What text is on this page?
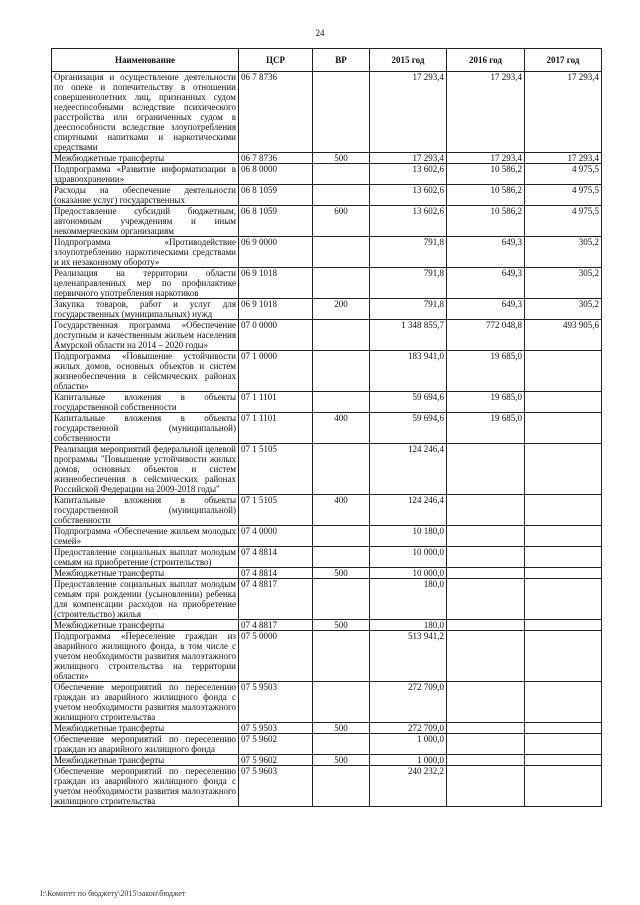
24
Наименование	ЦСР	ВР	2015 год	2016 год	2017 год
Организация и осуществление деятельности по опеке и попечительству в отношении совершеннолетних лиц, признанных судом недееспособными вследствие психического расстройства или ограниченных судом в дееспособности вследствие злоупотребления спиртными напитками и наркотическими средствами	06 7 8736		17 293,4	17 293,4	17 293,4
Межбюджетные трансферты	06 7 8736	500	17 293,4	17 293,4	17 293,4
Подпрограмма «Развитие информатизации в здравоохранении»	06 8 0000		13 602,6	10 586,2	4 975,5
Расходы на обеспечение деятельности (оказание услуг) государственных	06 8 1059		13 602,6	10 586,2	4 975,5
Предоставление субсидий бюджетным, автономным учреждениям и иным некоммерческим организациям	06 8 1059	600	13 602,6	10 586,2	4 975,5
Подпрограмма «Противодействие злоупотреблению наркотическими средствами и их незаконному обороту»	06 9 0000		791,8	649,3	305,2
Реализация на территории области целенаправленных мер по профилактике первичного употребления наркотиков	06 9 1018		791,8	649,3	305,2
Закупка товаров, работ и услуг для государственных (муниципальных) нужд	06 9 1018	200	791,8	649,3	305,2
Государственная программа «Обеспечение доступным и качественным жильем населения Амурской области на 2014 – 2020 годы»	07 0 0000		1 348 855,7	772 048,8	493 905,6
Подпрограмма «Повышение устойчивости жилых домов, основных объектов и систем жизнеобеспечения в сейсмических районах области»	07 1 0000		183 941,0	19 685,0	
Капитальные вложения в объекты государственной собственности	07 1 1101		59 694,6	19 685,0	
Капитальные вложения в объекты государственной (муниципальной) собственности	07 1 1101	400	59 694,6	19 685,0	
Реализация мероприятий федеральной целевой программы "Повышение устойчивости жилых домов, основных объектов и систем жизнеобеспечения в сейсмических районах Российской Федерации на 2009-2018 годы"	07 1 5105		124 246,4		
Капитальные вложения в объекты государственной (муниципальной) собственности	07 1 5105	400	124 246,4		
Подпрограмма «Обеспечение жильем молодых семей»	07 4 0000		10 180,0		
Предоставление социальных выплат молодым семьям на приобретение (строительство)	07 4 8814		10 000,0		
Межбюджетные трансферты	07 4 8814	500	10 000,0		
Предоставление социальных выплат молодым семьям при рождении (усыновлении) ребенка для компенсации расходов на приобретение (строительство) жилья	07 4 8817		180,0		
Межбюджетные трансферты	07 4 8817	500	180,0		
Подпрограмма «Переселение граждан из аварийного жилищного фонда, в том числе с учетом необходимости развития малоэтажного жилищного строительства на территории области»	07 5 0000		513 941,2		
Обеспечение мероприятий по переселению граждан из аварийного жилищного фонда с учетом необходимости развития малоэтажного жилищного строительства	07 5 9503		272 709,0		
Межбюджетные трансферты	07 5 9503	500	272 709,0		
Обеспечение мероприятий по переселению граждан из аварийного жилищного фонда	07 5 9602		1 000,0		
Межбюджетные трансферты	07 5 9602	500	1 000,0		
Обеспечение мероприятий по переселению граждан из аварийного жилищного фонда с учетом необходимости развития малоэтажного жилищного строительства	07 5 9603		240 232,2		
I:\Комитет по бюджету\2015\закон\бюджет
